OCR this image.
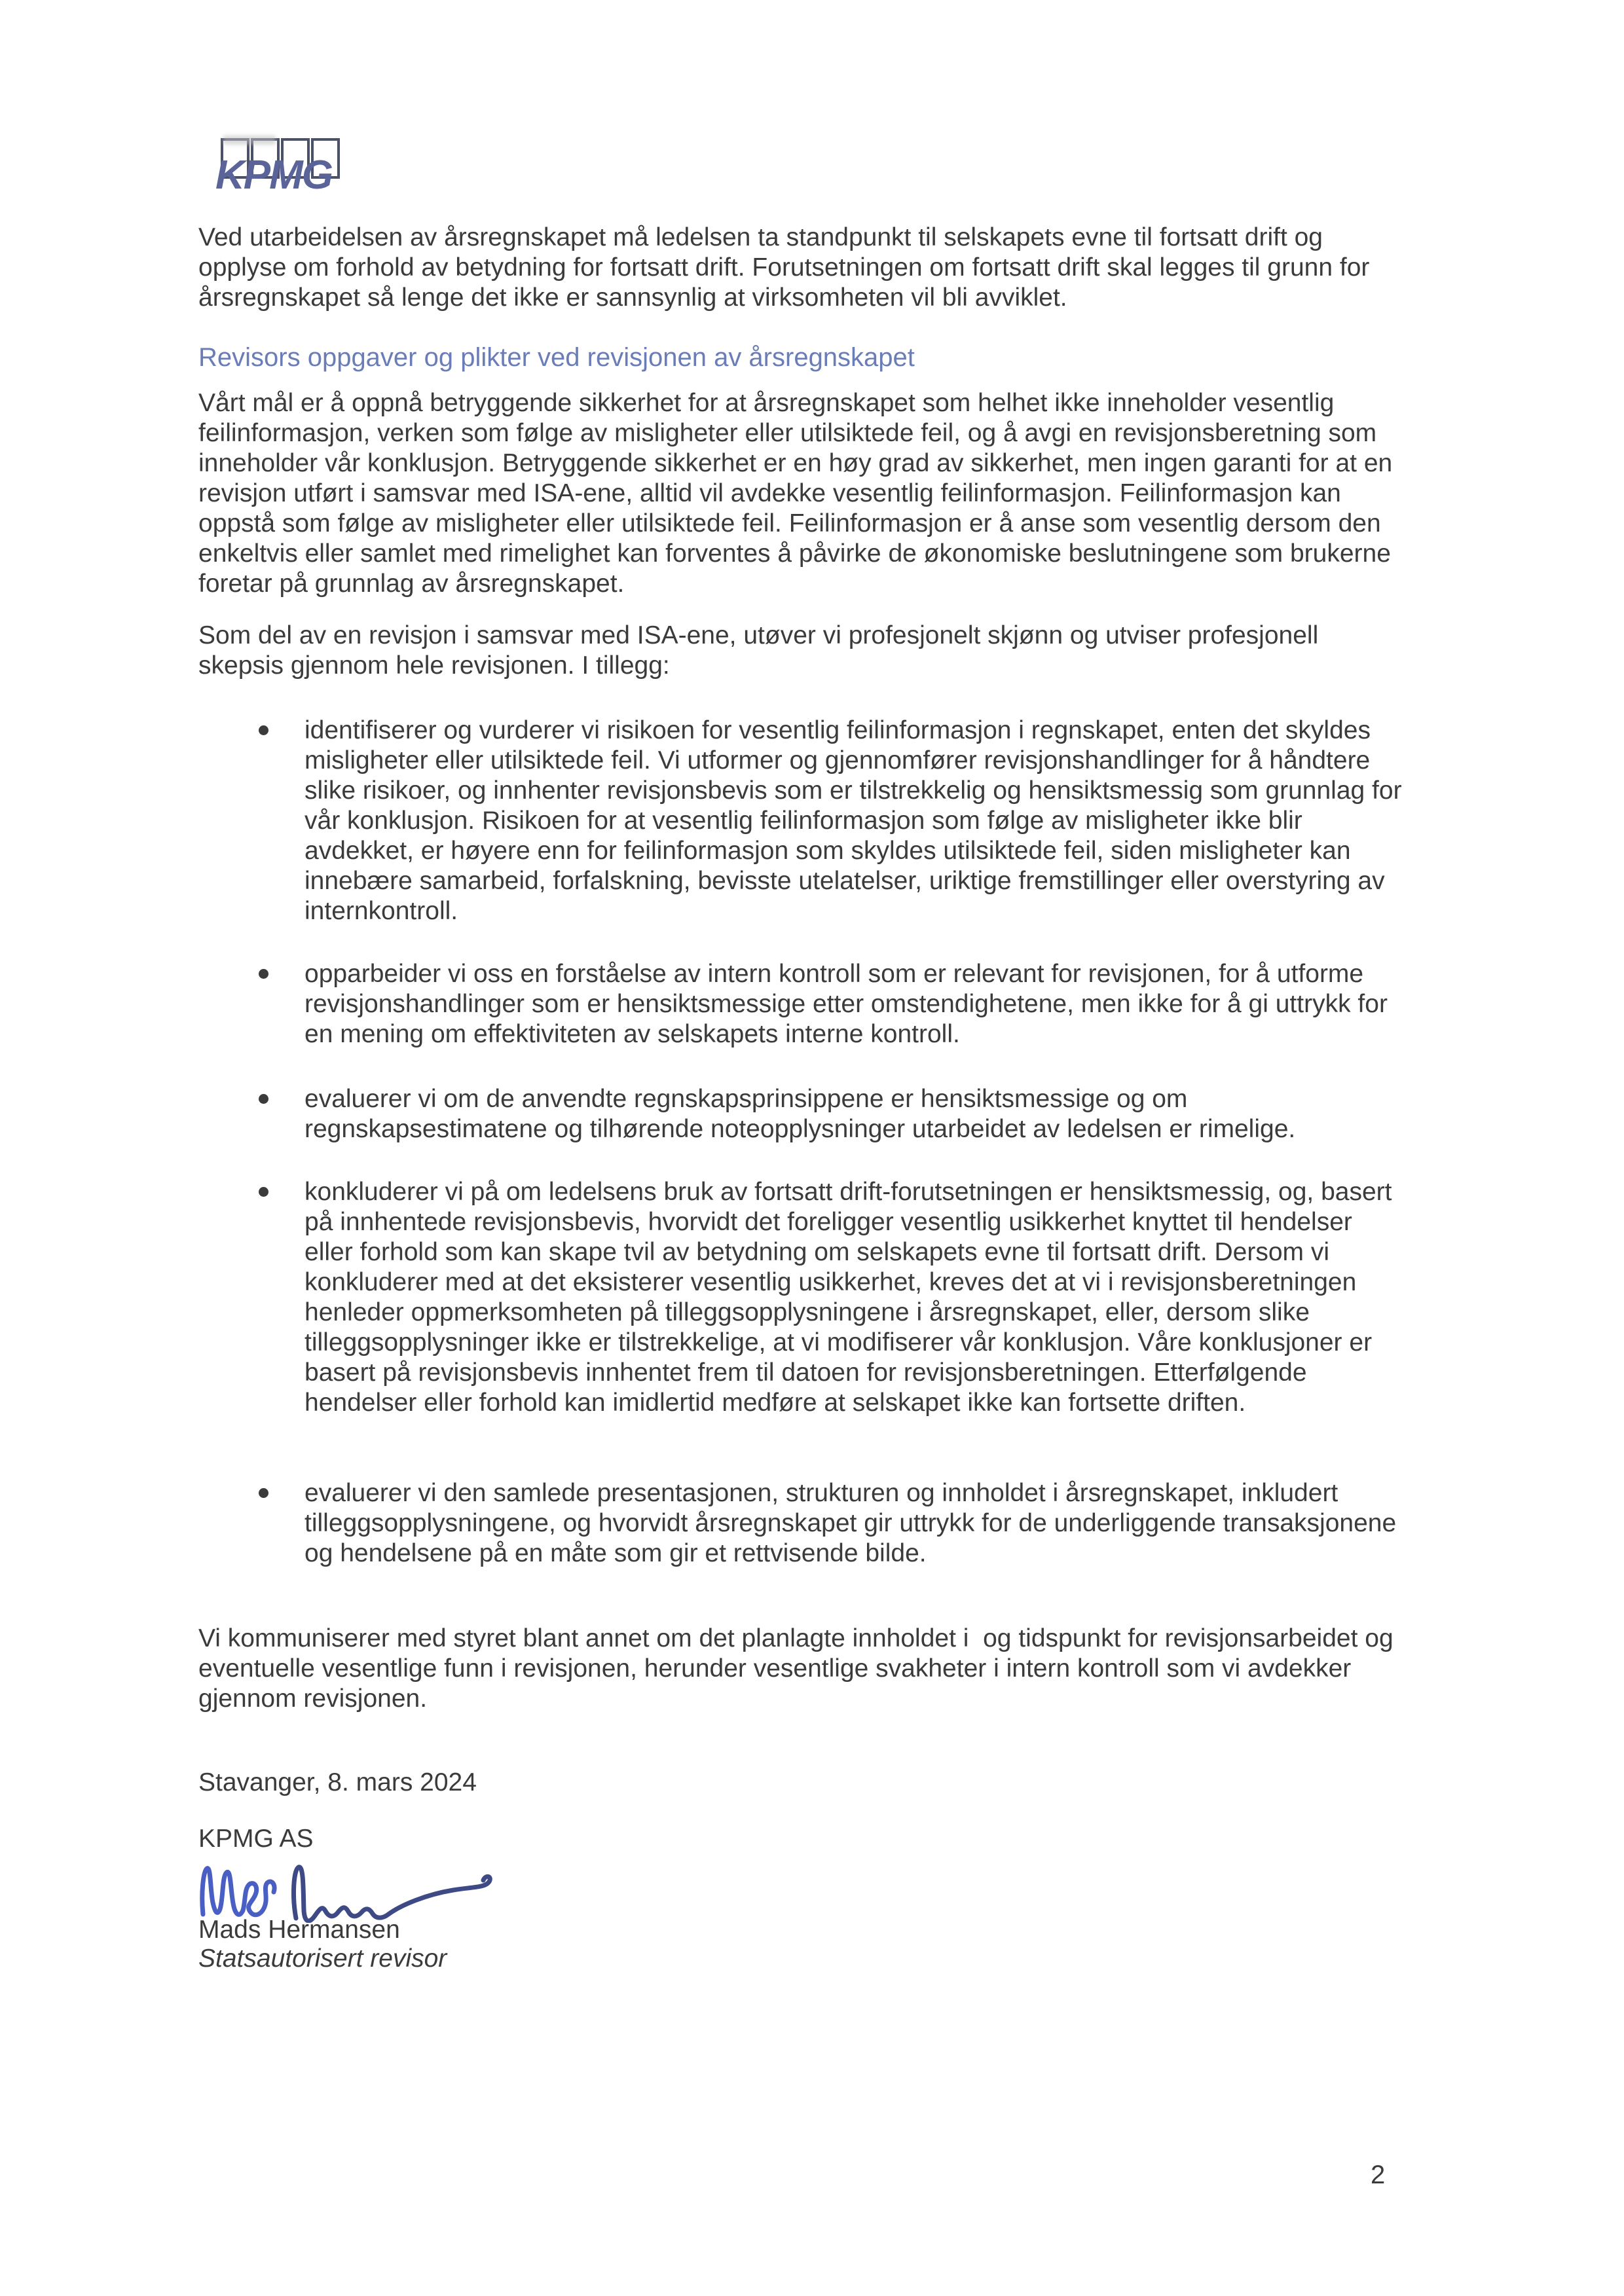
KPMG
Ved utarbeidelsen av årsregnskapet må ledelsen ta standpunkt til selskapets evne til fortsatt drift og opplyse om forhold av betydning for fortsatt drift. Forutsetningen om fortsatt drift skal legges til grunn for årsregnskapet så lenge det ikke er sannsynlig at virksomheten vil bli avviklet.
Revisors oppgaver og plikter ved revisjonen av årsregnskapet
Vårt mål er å oppnå betryggende sikkerhet for at årsregnskapet som helhet ikke inneholder vesentlig feilinformasjon, verken som følge av misligheter eller utilsiktede feil, og å avgi en revisjonsberetning som inneholder vår konklusjon. Betryggende sikkerhet er en høy grad av sikkerhet, men ingen garanti for at en revisjon utført i samsvar med ISA-ene, alltid vil avdekke vesentlig feilinformasjon. Feilinformasjon kan oppstå som følge av misligheter eller utilsiktede feil. Feilinformasjon er å anse som vesentlig dersom den enkeltvis eller samlet med rimelighet kan forventes å påvirke de økonomiske beslutningene som brukerne foretar på grunnlag av årsregnskapet.
Som del av en revisjon i samsvar med ISA-ene, utøver vi profesjonelt skjønn og utviser profesjonell skepsis gjennom hele revisjonen. I tillegg:
identifiserer og vurderer vi risikoen for vesentlig feilinformasjon i regnskapet, enten det skyldes misligheter eller utilsiktede feil. Vi utformer og gjennomfører revisjonshandlinger for å håndtere slike risikoer, og innhenter revisjonsbevis som er tilstrekkelig og hensiktsmessig som grunnlag for vår konklusjon. Risikoen for at vesentlig feilinformasjon som følge av misligheter ikke blir avdekket, er høyere enn for feilinformasjon som skyldes utilsiktede feil, siden misligheter kan innebære samarbeid, forfalskning, bevisste utelatelser, uriktige fremstillinger eller overstyring av internkontroll.
opparbeider vi oss en forståelse av intern kontroll som er relevant for revisjonen, for å utforme revisjonshandlinger som er hensiktsmessige etter omstendighetene, men ikke for å gi uttrykk for en mening om effektiviteten av selskapets interne kontroll.
evaluerer vi om de anvendte regnskapsprinsippene er hensiktsmessige og om regnskapsestimatene og tilhørende noteopplysninger utarbeidet av ledelsen er rimelige.
konkluderer vi på om ledelsens bruk av fortsatt drift-forutsetningen er hensiktsmessig, og, basert på innhentede revisjonsbevis, hvorvidt det foreligger vesentlig usikkerhet knyttet til hendelser eller forhold som kan skape tvil av betydning om selskapets evne til fortsatt drift. Dersom vi konkluderer med at det eksisterer vesentlig usikkerhet, kreves det at vi i revisjonsberetningen henleder oppmerksomheten på tilleggsopplysningene i årsregnskapet, eller, dersom slike tilleggsopplysninger ikke er tilstrekkelige, at vi modifiserer vår konklusjon. Våre konklusjoner er basert på revisjonsbevis innhentet frem til datoen for revisjonsberetningen. Etterfølgende hendelser eller forhold kan imidlertid medføre at selskapet ikke kan fortsette driften.
evaluerer vi den samlede presentasjonen, strukturen og innholdet i årsregnskapet, inkludert tilleggsopplysningene, og hvorvidt årsregnskapet gir uttrykk for de underliggende transaksjonene og hendelsene på en måte som gir et rettvisende bilde.
Vi kommuniserer med styret blant annet om det planlagte innholdet i  og tidspunkt for revisjonsarbeidet og eventuelle vesentlige funn i revisjonen, herunder vesentlige svakheter i intern kontroll som vi avdekker gjennom revisjonen.
Stavanger, 8. mars 2024
KPMG AS
Mads Hermansen
Statsautorisert revisor
2
